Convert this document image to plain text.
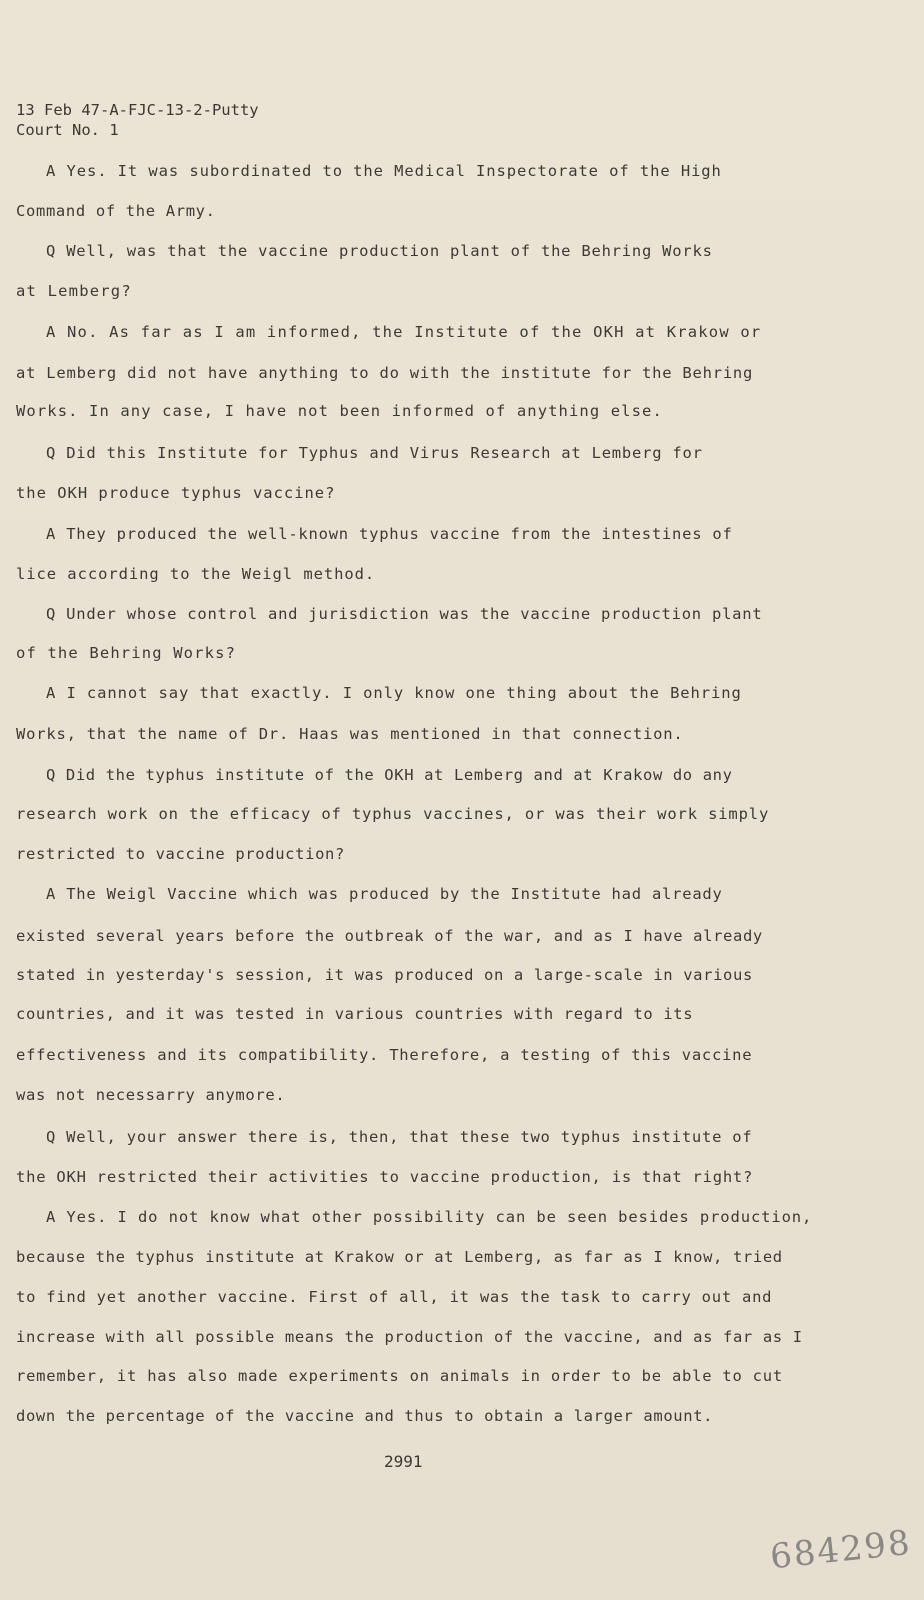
13 Feb 47-A-FJC-13-2-Putty
Court No. 1
A Yes. It was subordinated to the Medical Inspectorate of the High
Command of the Army.
Q Well, was that the vaccine production plant of the Behring Works
at Lemberg?
A No. As far as I am informed, the Institute of the OKH at Krakow or
at Lemberg did not have anything to do with the institute for the Behring
Works. In any case, I have not been informed of anything else.
Q Did this Institute for Typhus and Virus Research at Lemberg for
the OKH produce typhus vaccine?
A They produced the well-known typhus vaccine from the intestines of
lice according to the Weigl method.
Q Under whose control and jurisdiction was the vaccine production plant
of the Behring Works?
A I cannot say that exactly. I only know one thing about the Behring
Works, that the name of Dr. Haas was mentioned in that connection.
Q Did the typhus institute of the OKH at Lemberg and at Krakow do any
research work on the efficacy of typhus vaccines, or was their work simply
restricted to vaccine production?
A The Weigl Vaccine which was produced by the Institute had already
existed several years before the outbreak of the war, and as I have already
stated in yesterday's session, it was produced on a large-scale in various
countries, and it was tested in various countries with regard to its
effectiveness and its compatibility. Therefore, a testing of this vaccine
was not necessarry anymore.
Q Well, your answer there is, then, that these two typhus institute of
the OKH restricted their activities to vaccine production, is that right?
A Yes. I do not know what other possibility can be seen besides production,
because the typhus institute at Krakow or at Lemberg, as far as I know, tried
to find yet another vaccine. First of all, it was the task to carry out and
increase with all possible means the production of the vaccine, and as far as I
remember, it has also made experiments on animals in order to be able to cut
down the percentage of the vaccine and thus to obtain a larger amount.
2991
684298
